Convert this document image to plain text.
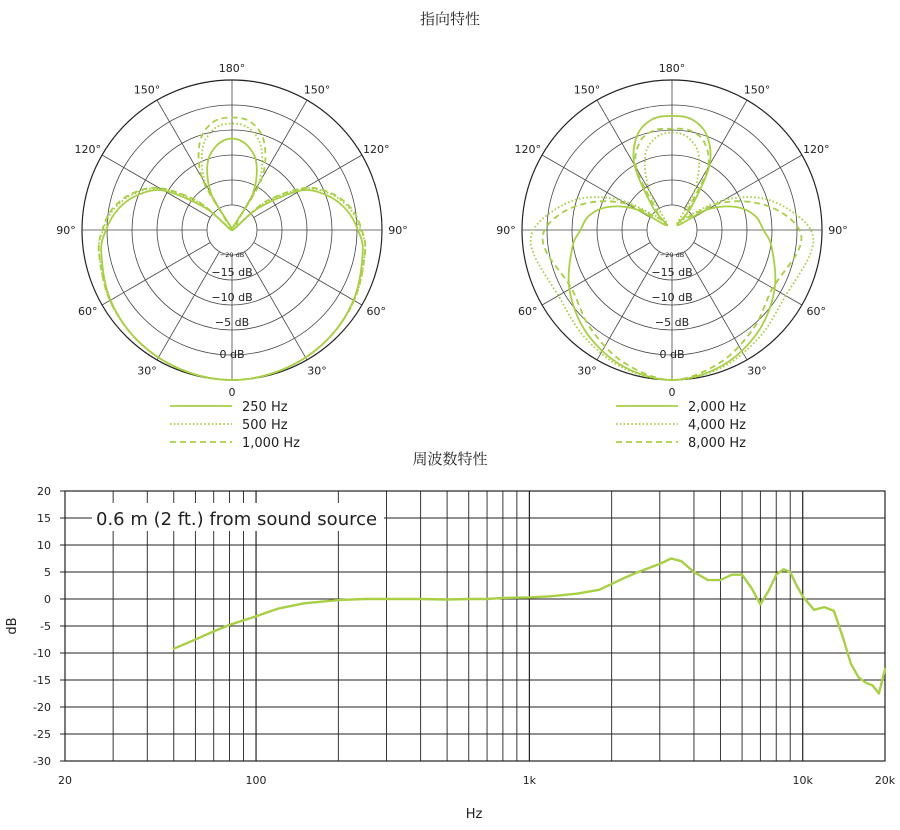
指向特性
周波数特性
180°
150°	150°
120°	120°
90°	90°
60°	60°
30°	30°
0
0 dB
−5 dB
−10 dB
−15 dB
−20 dB
180°
150°	150°
120°	120°
90°	90°
60°	60°
30°	30°
0
0 dB
−5 dB
−10 dB
−15 dB
−20 dB
250 Hz
500 Hz
1,000 Hz
2,000 Hz
4,000 Hz
8,000 Hz
20
15
10
5
0
-5
-10
-15
-20
-25
-30
0.6 m (2 ft.) from sound source
20	100	1k	10k	20k
Hz
dB
